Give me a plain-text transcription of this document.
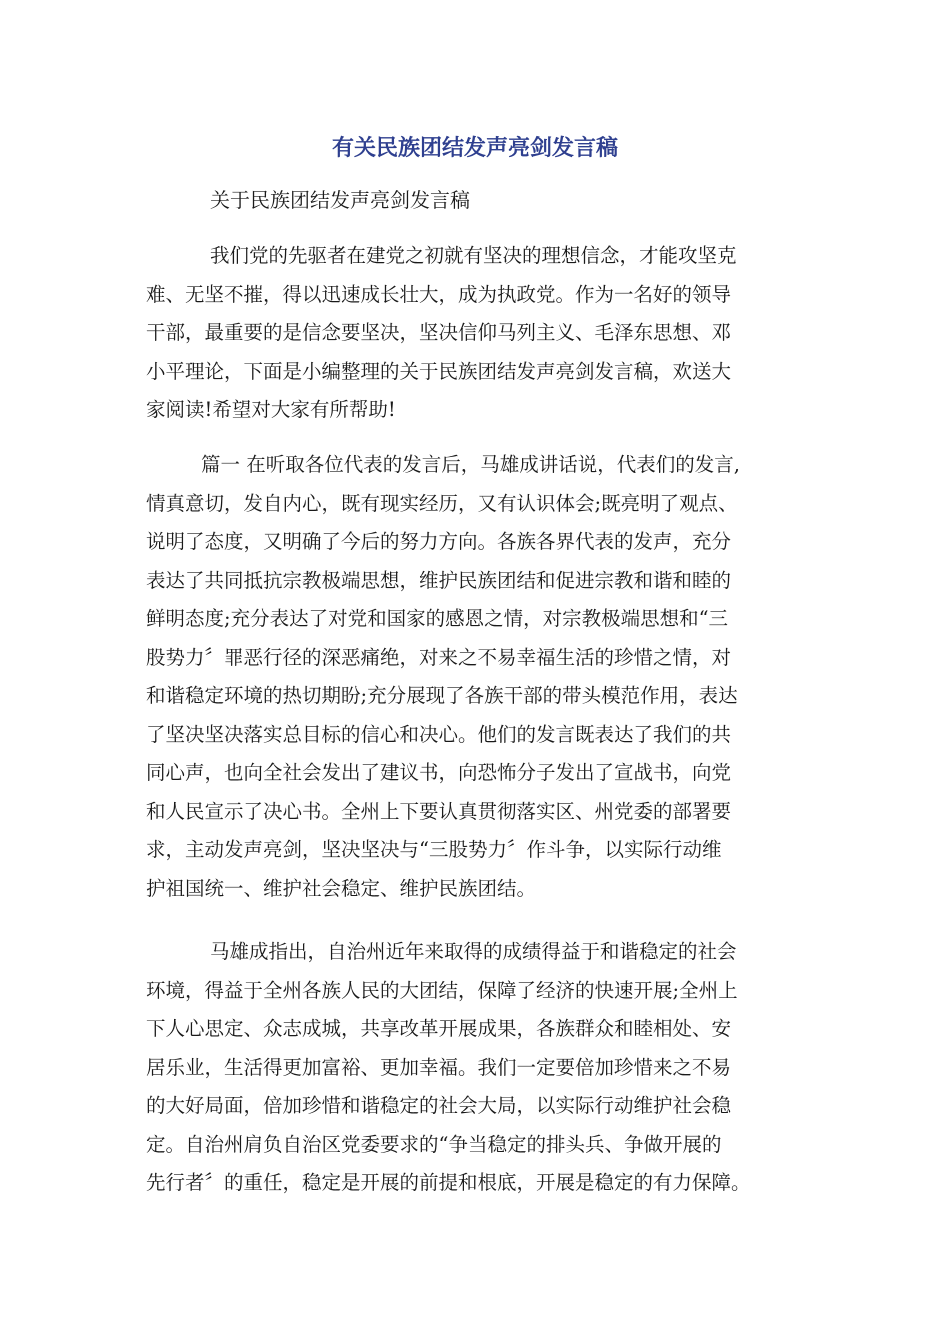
有关民族团结发声亮剑发言稿

关于民族团结发声亮剑发言稿

我们党的先驱者在建党之初就有坚决的理想信念，才能攻坚克
难、无坚不摧，得以迅速成长壮大，成为执政党。作为一名好的领导
干部，最重要的是信念要坚决，坚决信仰马列主义、毛泽东思想、邓
小平理论，下面是小编整理的关于民族团结发声亮剑发言稿，欢送大
家阅读!希望对大家有所帮助!
篇一 在听取各位代表的发言后，马雄成讲话说，代表们的发言,
情真意切，发自内心，既有现实经历，又有认识体会;既亮明了观点、
说明了态度，又明确了今后的努力方向。各族各界代表的发声，充分
表达了共同抵抗宗教极端思想，维护民族团结和促进宗教和谐和睦的
鲜明态度;充分表达了对党和国家的感恩之情，对宗教极端思想和“三
股势力〞罪恶行径的深恶痛绝，对来之不易幸福生活的珍惜之情，对
和谐稳定环境的热切期盼;充分展现了各族干部的带头模范作用，表达
了坚决坚决落实总目标的信心和决心。他们的发言既表达了我们的共
同心声，也向全社会发出了建议书，向恐怖分子发出了宣战书，向党
和人民宣示了决心书。全州上下要认真贯彻落实区、州党委的部署要
求，主动发声亮剑，坚决坚决与“三股势力〞作斗争，以实际行动维
护祖国统一、维护社会稳定、维护民族团结。
马雄成指出，自治州近年来取得的成绩得益于和谐稳定的社会
环境，得益于全州各族人民的大团结，保障了经济的快速开展;全州上
下人心思定、众志成城，共享改革开展成果，各族群众和睦相处、安
居乐业，生活得更加富裕、更加幸福。我们一定要倍加珍惜来之不易
的大好局面，倍加珍惜和谐稳定的社会大局，以实际行动维护社会稳
定。自治州肩负自治区党委要求的“争当稳定的排头兵、争做开展的
先行者〞的重任，稳定是开展的前提和根底，开展是稳定的有力保障。
